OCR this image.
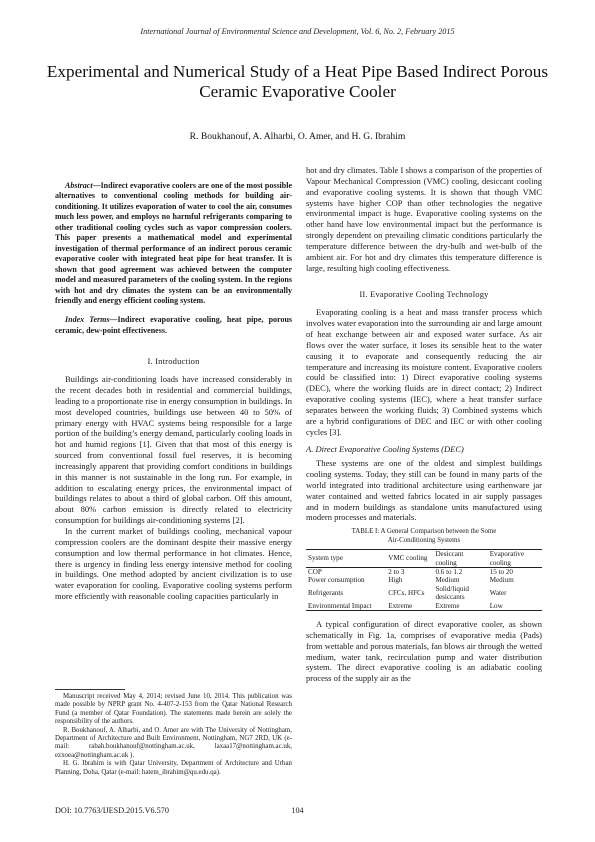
International Journal of Environmental Science and Development, Vol. 6, No. 2, February 2015
Experimental and Numerical Study of a Heat Pipe Based Indirect Porous Ceramic Evaporative Cooler
R. Boukhanouf, A. Alharbi, O. Amer, and H. G. Ibrahim

Abstract—Indirect evaporative coolers are one of the most possible alternatives to conventional cooling methods for building air-conditioning. It utilizes evaporation of water to cool the air, consumes much less power, and employs no harmful refrigerants comparing to other traditional cooling cycles such as vapor compression coolers. This paper presents a mathematical model and experimental investigation of thermal performance of an indirect porous ceramic evaporative cooler with integrated heat pipe for heat transfer. It is shown that good agreement was achieved between the computer model and measured parameters of the cooling system. In the regions with hot and dry climates the system can be an environmentally friendly and energy efficient cooling system.

Index Terms—Indirect evaporative cooling, heat pipe, porous ceramic, dew-point effectiveness.

I. Introduction

Buildings air-conditioning loads have increased considerably in the recent decades both in residential and commercial buildings, leading to a proportionate rise in energy consumption in buildings. In most developed countries, buildings use between 40 to 50% of primary energy with HVAC systems being responsible for a large portion of the building’s energy demand, particularly cooling loads in hot and humid regions [1]. Given that that most of this energy is sourced from conventional fossil fuel reserves, it is becoming increasingly apparent that providing comfort conditions in buildings in this manner is not sustainable in the long run. For example, in addition to escalating energy prices, the environmental impact of buildings relates to about a third of global carbon. Off this amount, about 80% carbon emission is directly related to electricity consumption for buildings air-conditioning systems [2].

In the current market of buildings cooling, mechanical vapour compression coolers are the dominant despite their massive energy consumption and low thermal performance in hot climates. Hence, there is urgency in finding less energy intensive method for cooling in buildings. One method adopted by ancient civilization is to use water evaporation for cooling. Evaporative cooling systems perform more efficiently with reasonable cooling capacities particularly in

Manuscript received May 4, 2014; revised June 10, 2014. This publication was made possible by NPRP grant No. 4-407-2-153 from the Qatar National Research Fund (a member of Qatar Foundation). The statements made herein are solely the responsibility of the authors.

R. Boukhanouf, A. Alharbi, and O. Amer are with The University of Nottingham, Department of Architecture and Built Environment, Nottingham, NG7 2RD, UK (e-mail: rabah.boukhanouf@nottingham.ac.uk, laxaa17@nottingham.ac.uk, ezxoea@nottingham.ac.uk ).

H. G. Ibrahim is with Qatar University, Department of Architecture and Urban Planning, Doha, Qatar (e-mail: hatem_ibrahim@qu.edu.qa).

hot and dry climates. Table I shows a comparison of the properties of Vapour Mechanical Compression (VMC) cooling, desiccant cooling and evaporative cooling systems. It is shown that though VMC systems have higher COP than other technologies the negative environmental impact is huge. Evaporative cooling systems on the other hand have low environmental impact but the performance is strongly dependent on prevailing climatic conditions particularly the temperature difference between the dry-bulb and wet-bulb of the ambient air. For hot and dry climates this temperature difference is large, resulting high cooling effectiveness.

II. Evaporative Cooling Technology

Evaporating cooling is a heat and mass transfer process which involves water evaporation into the surrounding air and large amount of heat exchange between air and exposed water surface. As air flows over the water surface, it loses its sensible heat to the water causing it to evaporate and consequently reducing the air temperature and increasing its moisture content. Evaporative coolers could be classified into: 1) Direct evaporative cooling systems (DEC), where the working fluids are in direct contact; 2) Indirect evaporative cooling systems (IEC), where a heat transfer surface separates between the working fluids; 3) Combined systems which are a hybrid configurations of DEC and IEC or with other cooling cycles [3].

A. Direct Evaporative Cooling Systems (DEC)

These systems are one of the oldest and simplest buildings cooling systems. Today, they still can be found in many parts of the world integrated into traditional architecture using earthenware jar water contained and wetted fabrics located in air supply passages and in modern buildings as standalone units manufactured using modern processes and materials.

TABLE I: A General Comparison between the Some

Air-Conditioning Systems

System type	VMC cooling	Desiccant cooling	Evaporative cooling
COP	2 to 3	0.6 to 1.2	15 to 20
Power consumption	High	Medium	Medium
Refrigerants	CFCs, HFCs	Solid/liquid desiccants	Water
Environmental Impact	Extreme	Extreme	Low

A typical configuration of direct evaporative cooler, as shown schematically in Fig. 1a, comprises of evaporative media (Pads) from wettable and porous materials, fan blows air through the wetted medium, water tank, recirculation pump and water distribution system. The direct evaporative cooling is an adiabatic cooling process of the supply air as the

DOI: 10.7763/IJESD.2015.V6.570	104
